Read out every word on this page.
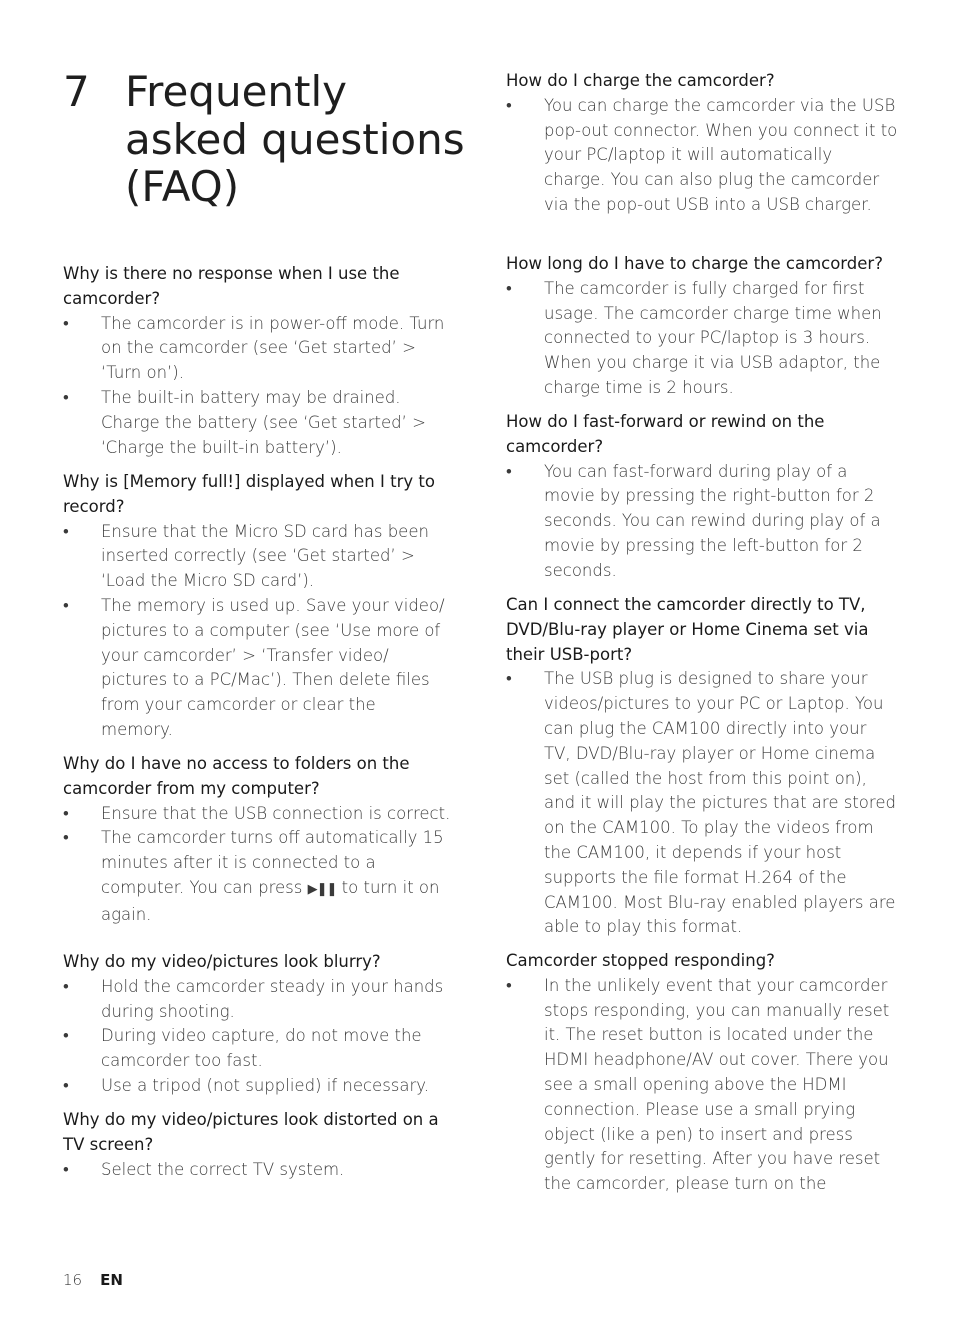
7 Frequently asked questions (FAQ)

Why is there no response when I use the camcorder?

• The camcorder is in power-off mode. Turn on the camcorder (see ‘Get started’ > ‘Turn on’).
• The built-in battery may be drained. Charge the battery (see ‘Get started’ > ‘Charge the built-in battery’).

Why is [Memory full!] displayed when I try to record?

• Ensure that the Micro SD card has been inserted correctly (see ‘Get started’ > ‘Load the Micro SD card’).
• The memory is used up. Save your video/ pictures to a computer (see ‘Use more of your camcorder’ > ‘Transfer video/ pictures to a PC/Mac’). Then delete files from your camcorder or clear the memory.

Why do I have no access to folders on the camcorder from my computer?

• Ensure that the USB connection is correct.
• The camcorder turns off automatically 15 minutes after it is connected to a computer. You can press ▶❚❚ to turn it on again.

Why do my video/pictures look blurry?

• Hold the camcorder steady in your hands during shooting.
• During video capture, do not move the camcorder too fast.
• Use a tripod (not supplied) if necessary.

Why do my video/pictures look distorted on a TV screen?

• Select the correct TV system.

How do I charge the camcorder?

• You can charge the camcorder via the USB pop-out connector. When you connect it to your PC/laptop it will automatically charge. You can also plug the camcorder via the pop-out USB into a USB charger.

How long do I have to charge the camcorder?

• The camcorder is fully charged for first usage. The camcorder charge time when connected to your PC/laptop is 3 hours. When you charge it via USB adaptor, the charge time is 2 hours.

How do I fast-forward or rewind on the camcorder?

• You can fast-forward during play of a movie by pressing the right-button for 2 seconds. You can rewind during play of a movie by pressing the left-button for 2 seconds.

Can I connect the camcorder directly to TV, DVD/Blu-ray player or Home Cinema set via their USB-port?

• The USB plug is designed to share your videos/pictures to your PC or Laptop. You can plug the CAM100 directly into your TV, DVD/Blu-ray player or Home cinema set (called the host from this point on), and it will play the pictures that are stored on the CAM100. To play the videos from the CAM100, it depends if your host supports the file format H.264 of the CAM100. Most Blu-ray enabled players are able to play this format.

Camcorder stopped responding?

• In the unlikely event that your camcorder stops responding, you can manually reset it. The reset button is located under the HDMI headphone/AV out cover. There you see a small opening above the HDMI connection. Please use a small prying object (like a pen) to insert and press gently for resetting. After you have reset the camcorder, please turn on the
16 EN
